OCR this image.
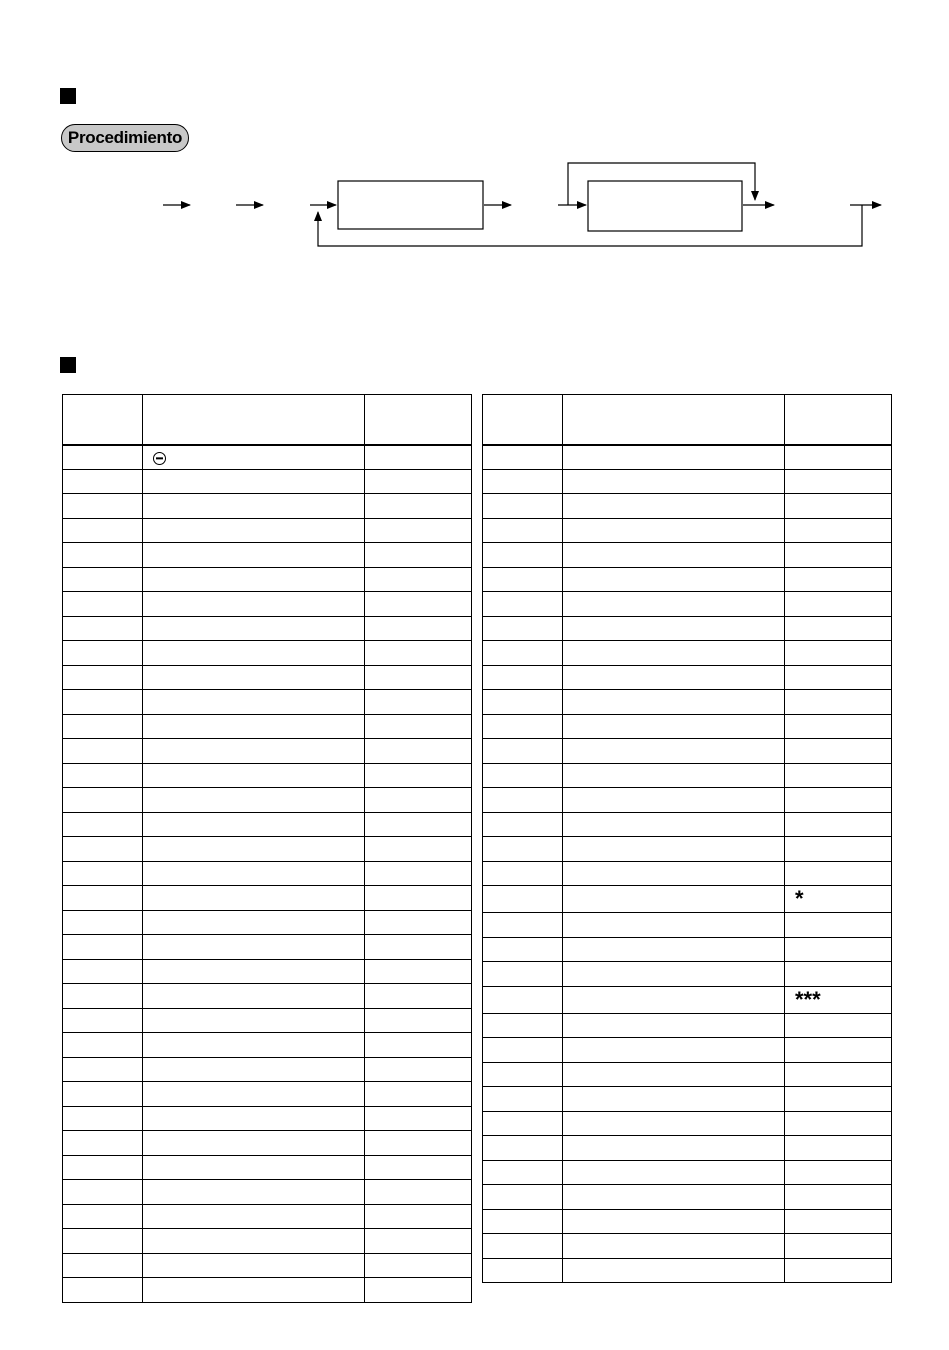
Procedimiento

		*

		***
